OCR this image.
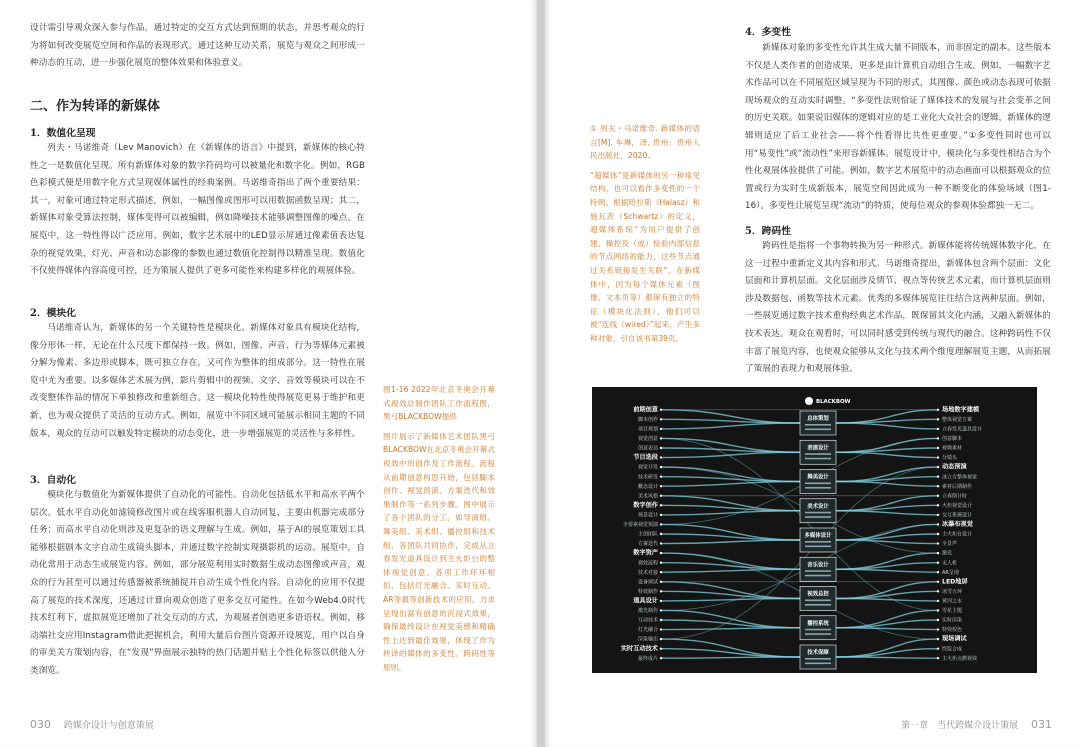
设计需引导观众深入参与作品，通过特定的交互方式达到预期的状态，并思考观众的行为将如何改变展览空间和作品的表现形式。通过这种互动关系，展览与观众之间形成一种动态的互动，进一步强化展览的整体效果和体验意义。

二、作为转译的新媒体
1．数值化呈现

列夫・马诺维奇（Lev Manovich）在《新媒体的语言》中提到，新媒体的核心特性之一是数值化呈现。所有新媒体对象的数字符码均可以被量化和数字化。例如，RGB色彩模式便是用数字化方式呈现媒体属性的经典案例。马诺维奇指出了两个重要结果：其一，对象可通过特定形式描述，例如，一幅图像或图形可以用数据函数呈现；其二，新媒体对象受算法控制，媒体变得可以被编辑，例如降噪技术能够调整图像的噪点。在展览中，这一特性得以广泛应用。例如，数字艺术展中的LED显示屏通过像素值表达复杂的视觉效果，灯光、声音和动态影像的参数也通过数值化控制得以精准呈现。数值化不仅使得媒体内容高度可控，还为策展人提供了更多可能性来构建多样化的观展体验。

2．模块化

马诺维奇认为，新媒体的另一个关键特性是模块化。新媒体对象具有模块化结构，像分形体一样，无论在什么尺度下都保持一致。例如，图像、声音、行为等媒体元素被分解为像素、多边形或脚本，既可独立存在，又可作为整体的组成部分。这一特性在展览中尤为重要。以多媒体艺术展为例，影片剪辑中的视频、文字、音效等模块可以在不改变整体作品的情况下单独修改和重新组合。这一模块化特性使得展览更易于维护和更新，也为观众提供了灵活的互动方式。例如，展览中不同区域可能展示相同主题的不同版本，观众的互动可以触发特定模块的动态变化，进一步增强展览的灵活性与多样性。

3．自动化

模块化与数值化为新媒体提供了自动化的可能性。自动化包括低水平和高水平两个层次。低水平自动化如滤镜修改图片或在线客服机器人自动回复，主要由机器完成部分任务；而高水平自动化则涉及更复杂的语义理解与生成。例如，基于AI的展览策划工具能够根据剧本文字自动生成镜头脚本，并通过数字控制实现摄影机的运动。展览中，自动化常用于动态生成展览内容。例如，部分展览利用实时数据生成动态图像或声音，观众的行为甚至可以通过传感器被系统捕捉并自动生成个性化内容。自动化的应用不仅提高了展览的技术深度，还通过计算向观众创造了更多交互可能性。在如今Web4.0时代技术红利下，虚拟展览还增加了社交互动的方式，为观展者创造更多语语权。例如，移动端社交应用Instagram借此把握机会，利用大量后台图片资源开设展览，用户以自身的审美关方策划内容，在“发现”界面展示独特的热门话题并贴上个性化标签以供他人分类浏览。

图1-16 2022年北京冬奥会开幕式视效总制作团队工作流程图，黑弓BLACKBOW提供

图片展示了新媒体艺术团队黑弓BLACKBOW在北京冬奥会开幕式视效中的创作及工作流程。流程从前期创意构思开始，包括脚本创作、视觉预演、方案迭代和效果制作等一系列步骤。图中展示了各个团队的分工，如导演组、舞美组、美术组、播控组和技术组，各团队共同协作，完成从立春发光道具设计到主火炬台的整体视觉创意。各项工作环环相扣，包括灯光融合、实时互动、AR等最等创新技术的应用，力求呈现出富有创意的沉浸式效果，确保最终设计在视觉美感和精确性上达到最佳效果，体现了作为转译的媒体的多变性、跨码性等原则。

030 跨媒介设计与创意策展

① 列夫・马诺维奇. 新媒体的语言[M]. 车琳，译. 贵州：贵州人民出版社，2020.

“超媒体”是新媒体的另一种常见结构，也可以看作多变性的一个特例。根据哈拉斯（Halasz）和施瓦茨（Schwartz）的定义，超媒体系统“为用户提供了创建、操控及（或）检验内部信息的节点网络的能力，这些节点通过关系链接发生关联”。在新媒体中，因为每个媒体元素（图像、文本页等）都保有独立的特征（模块化法则），他们可以被“连线（wired）”起来，产生多种对象。引自该书第39页。

4．多变性

新媒体对象的多变性允许其生成大量不同版本，而非固定的副本。这些版本不仅是人类作者的创造成果，更多是由计算机自动组合生成。例如，一幅数字艺术作品可以在不同展览区域呈现为不同的形式，其图像、颜色或动态表现可依据现场观众的互动实时调整。“多变性法则恰证了媒体技术的发展与社会变革之间的历史关联。如果说旧媒体的逻辑对应的是工业化大众社会的逻辑，新媒体的逻辑则适应了后工业社会——将个性看得比共性更重要。”①多变性同时也可以用“易变性”或“流动性”来形容新媒体。展览设计中，模块化与多变性相结合为个性化观展体验提供了可能。例如，数字艺术展览中的动态画面可以根据观众的位置或行为实时生成新版本，展览空间因此成为一种不断变化的体验场域（图1-16）。多变性让展览呈现“流动”的特质，使每位观众的参观体验都独一无二。

5．跨码性

跨码性是指将一个事物转换为另一种形式。新媒体能将传统媒体数字化，在这一过程中重新定义其内容和形式。马诺维奇提出，新媒体包含两个层面：文化层面和计算机层面。文化层面涉及情节、视点等传统艺术元素，而计算机层面则涉及数据包、函数等技术元素。优秀的多媒体展览往往结合这两种层面。例如，一些展览通过数字技术重构经典艺术作品，既保留其文化内涵，又融入新媒体的技术表达。观众在观看时，可以同时感受到传统与现代的融合。这种跨码性不仅丰富了展览内容，也使观众能够从文化与技术两个维度理解展览主题，从而拓展了策展的表现力和观展体验。

前期创意
脚本创作
项目规划
视觉创意
创意表达
节目选段
视觉开发
技术研发
概念设计
美术风格
数字创作
场景设计
全要素视觉预演
主创团队
方案迭代
数字资产
视效流程
技术对接
设备调试
特效制作
道具设计
激光制作
互动技术
灯光融合
渲染输出
实时互动技术
最终成片
总体策划
表演设计
舞美设计
美术设计
多媒体设计
音乐设计
视效总控
播控系统
技术保障
场地数字建模
整体视觉方案
立春发光道具设计
创意脚本
视频素材
分镜头
动态预演
冰立方整体视觉
素材后期制作
立春倒计时
火炬视觉设计
交互系统设计
冰瀑布视觉
主火炬台设计
全景声
激光
无人机
AR呈现
LED地屏
冰雪五环
黄河之水
雪花主题
实时渲染
特效校色
现场调试
终版合成
主火炬点燃视效
BLACKBOW
第一章　当代跨媒介设计策展 031
